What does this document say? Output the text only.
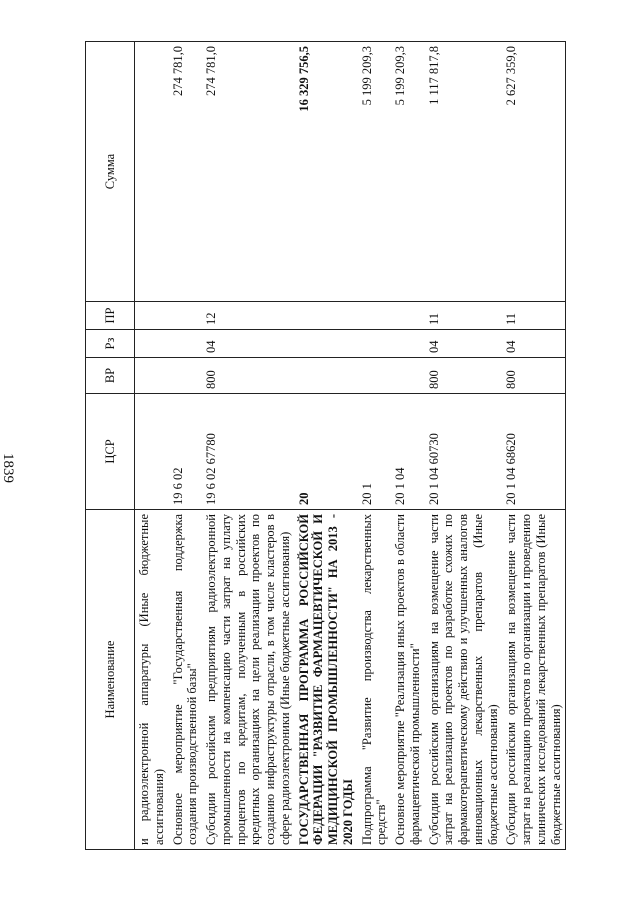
1839
Наименование	ЦСР	ВР	Рз	ПР	Сумма
и радиоэлектронной аппаратуры (Иные бюджетные ассигнования)					
Основное мероприятие "Государственная поддержка создания производственной базы"	19 6 02				274 781,0
Субсидии российским предприятиям радиоэлектронной промышленности на компенсацию части затрат на уплату процентов по кредитам, полученным в российских кредитных организациях на цели реализации проектов по созданию инфраструктуры отрасли, в том числе кластеров в сфере радиоэлектроники (Иные бюджетные ассигнования)	19 6 02 67780	800	04	12	274 781,0
ГОСУДАРСТВЕННАЯ ПРОГРАММА РОССИЙСКОЙ ФЕДЕРАЦИИ "РАЗВИТИЕ ФАРМАЦЕВТИЧЕСКОЙ И МЕДИЦИНСКОЙ ПРОМЫШЛЕННОСТИ" НА 2013 - 2020 ГОДЫ	20				16 329 756,5
Подпрограмма "Развитие производства лекарственных средств"	20 1				5 199 209,3
Основное мероприятие "Реализация иных проектов в области фармацевтической промышленности"	20 1 04				5 199 209,3
Субсидии российским организациям на возмещение части затрат на реализацию проектов по разработке схожих по фармакотерапевтическому действию и улучшенных аналогов инновационных лекарственных препаратов (Иные бюджетные ассигнования)	20 1 04 60730	800	04	11	1 117 817,8
Субсидии российским организациям на возмещение части затрат на реализацию проектов по организации и проведению клинических исследований лекарственных препаратов (Иные бюджетные ассигнования)	20 1 04 68620	800	04	11	2 627 359,0
